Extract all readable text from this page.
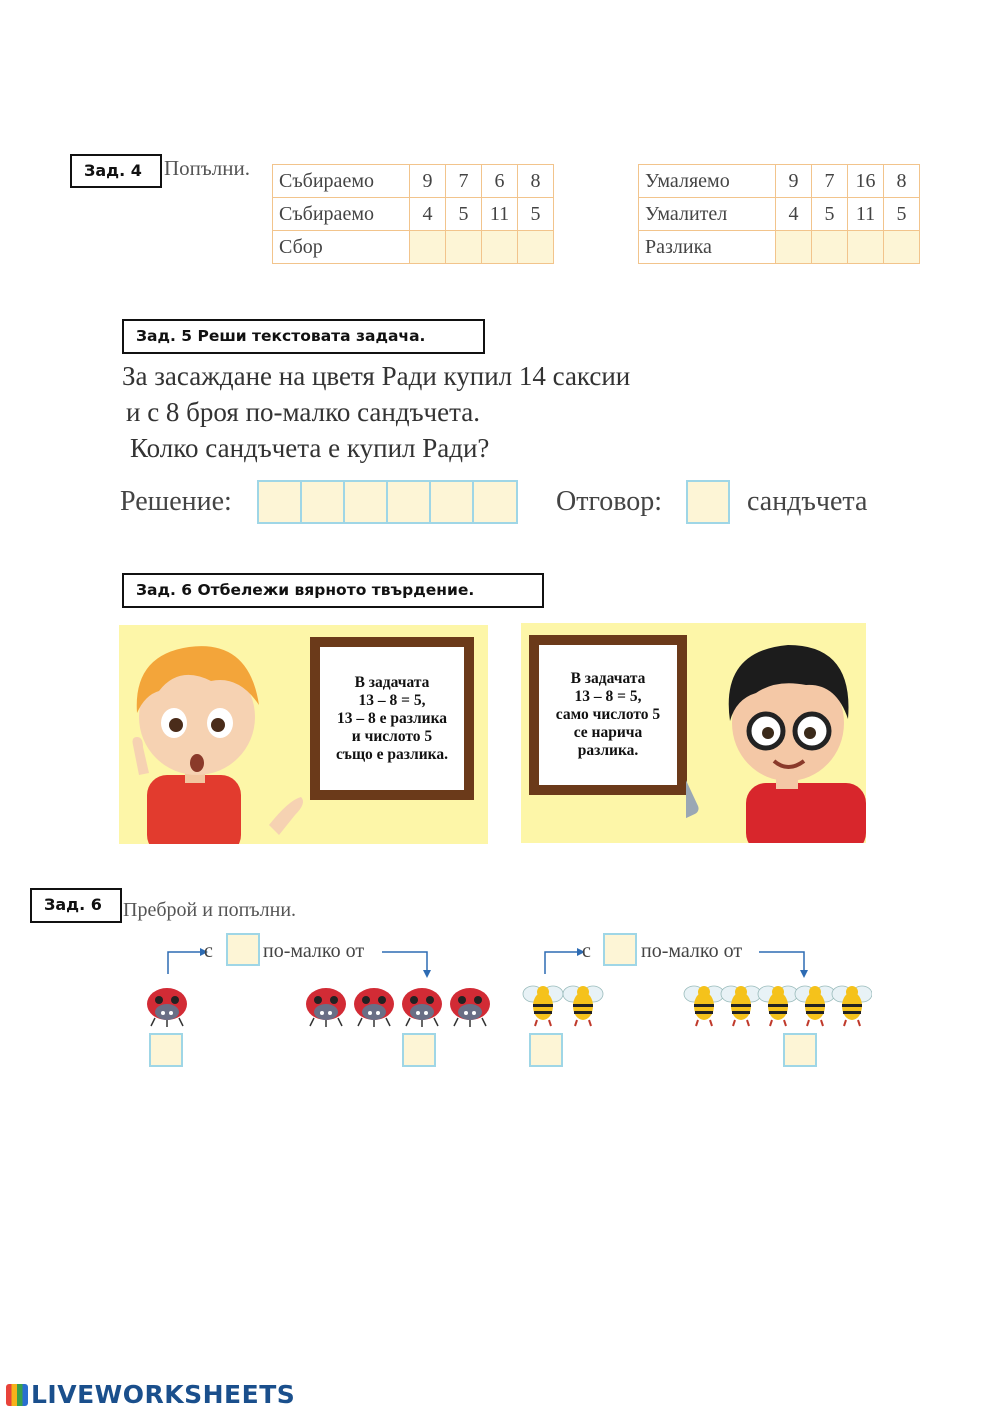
Зад. 4	Попълни.
Събираемо	9	7	6	8
Събираемо	4	5	11	5
Сбор				
Умаляемо	9	7	16	8
Умалител	4	5	11	5
Разлика				
Зад. 5 Реши текстовата задача.
За засаждане на цветя Ради купил 14 саксии
и с 8 броя по-малко сандъчета.
Колко сандъчета е купил Ради?
Решение:	Отговор:	сандъчета
Зад. 6 Отбележи вярното твърдение.
В задачата
13 – 8 = 5,
13 – 8 е разлика
и числото 5
също е разлика.
В задачата
13 – 8 = 5,
само числото 5
се нарича
разлика.
Зад. 6	Преброй и попълни.
с	по-малко от	с	по-малко от
LIVEWORKSHEETS
